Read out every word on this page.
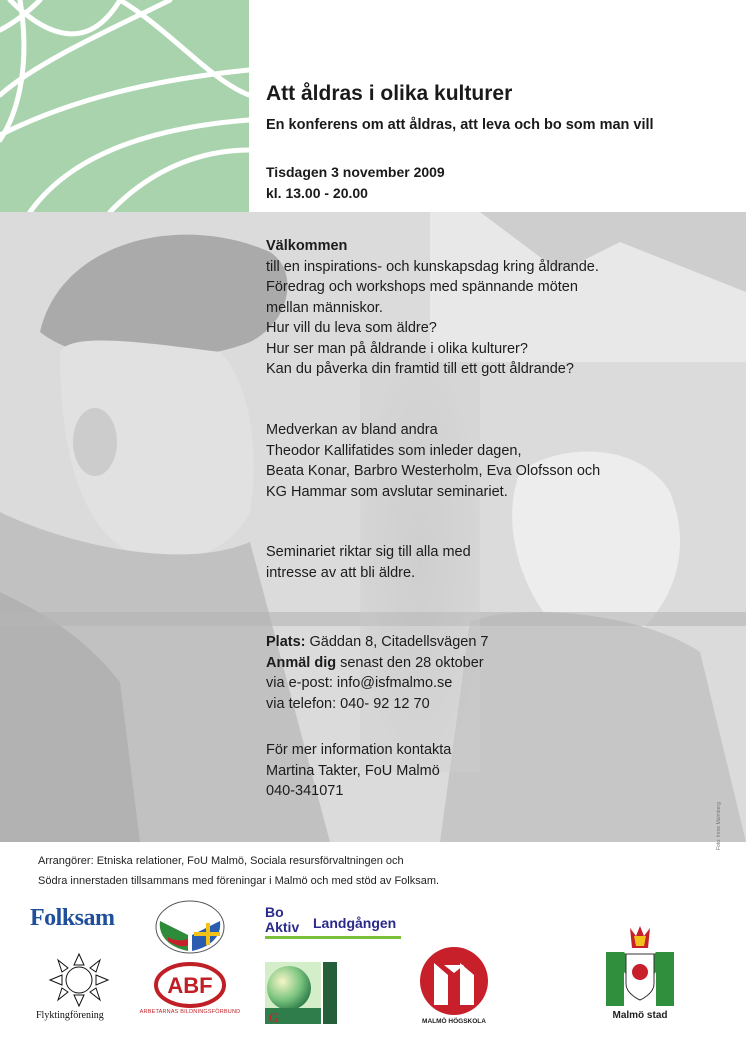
Att åldras i olika kulturer
En konferens om att åldras, att leva och bo som man vill
Tisdagen 3 november 2009
kl. 13.00 - 20.00
Välkommen
till en inspirations- och kunskapsdag kring åldrande.
Föredrag och workshops med spännande möten
mellan människor.
Hur vill du leva som äldre?
Hur ser man på åldrande i olika kulturer?
Kan du påverka din framtid till ett gott åldrande?
Medverkan av bland andra
Theodor Kallifatides som inleder dagen,
Beata Konar, Barbro Westerholm, Eva Olofsson och
KG Hammar som avslutar seminariet.
Seminariet riktar sig till alla med
intresse av att bli äldre.
Plats: Gäddan 8, Citadellsvägen 7
Anmäl dig senast den 28 oktober
via e-post: info@isfmalmo.se
via telefon: 040- 92 12 70
För mer information kontakta
Martina Takter, FoU Malmö
040-341071
Foto: Irene Malmberg
Arrangörer: Etniska relationer, FoU Malmö, Sociala resursförvaltningen och
Södra innerstaden tillsammans med föreningar i Malmö och med stöd av Folksam.
Folksam	Bo
Aktiv Landgången
Flyktingförening
ABF
ARBETARNAS BILDNINGSFÖRBUND	G	MALMÖ HÖGSKOLA
Malmö stad
